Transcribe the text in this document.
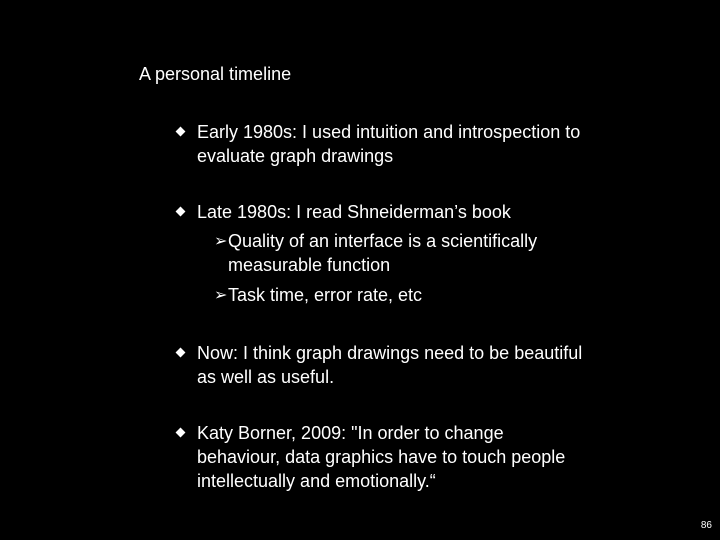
A personal timeline
Early 1980s: I used intuition and introspection to
evaluate graph drawings
Late 1980s: I read Shneiderman’s book
➢ Quality of an interface is a scientifically
measurable function
➢ Task time, error rate, etc
Now: I think graph drawings need to be beautiful
as well as useful.
Katy Borner, 2009: "In order to change
behaviour, data graphics have to touch people
intellectually and emotionally.“
86
